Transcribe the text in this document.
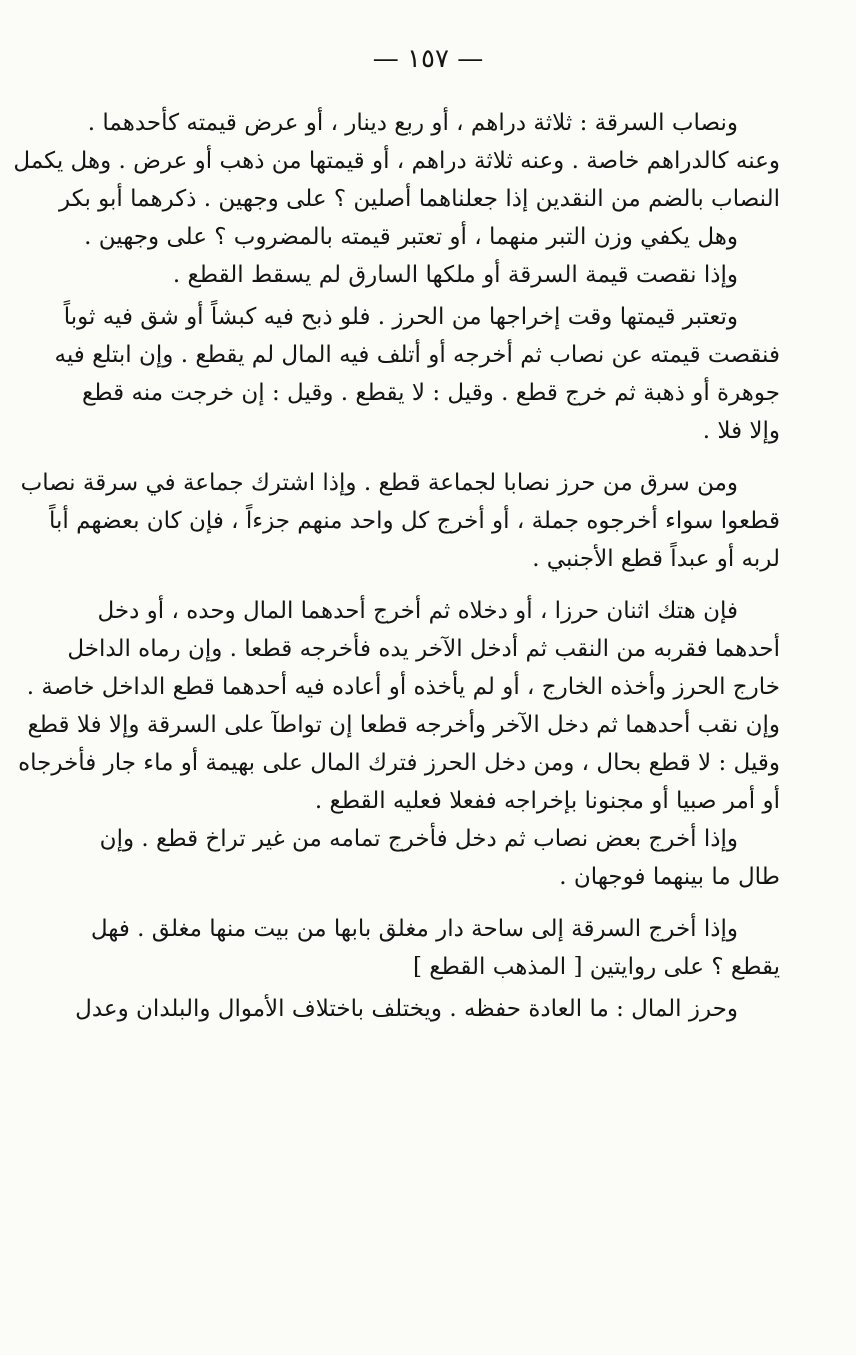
— ١٥٧ —
ونصاب السرقة : ثلاثة دراهم ، أو ربع دينار ، أو عرض قيمته كأحدهما .
وعنه كالدراهم خاصة . وعنه ثلاثة دراهم ، أو قيمتها من ذهب أو عرض . وهل يكمل
النصاب بالضم من النقدين إذا جعلناهما أصلين ؟ على وجهين . ذكرهما أبو بكر
وهل يكفي وزن التبر منهما ، أو تعتبر قيمته بالمضروب ؟ على وجهين .
وإذا نقصت قيمة السرقة أو ملكها السارق لم يسقط القطع .
وتعتبر قيمتها وقت إخراجها من الحرز . فلو ذبح فيه كبشاً أو شق فيه ثوباً
فنقصت قيمته عن نصاب ثم أخرجه أو أتلف فيه المال لم يقطع . وإن ابتلع فيه
جوهرة أو ذهبة ثم خرج قطع . وقيل : لا يقطع . وقيل : إن خرجت منه قطع
وإلا فلا .
ومن سرق من حرز نصابا لجماعة قطع . وإذا اشترك جماعة في سرقة نصاب
قطعوا سواء أخرجوه جملة ، أو أخرج كل واحد منهم جزءاً ، فإن كان بعضهم أباً
لربه أو عبداً قطع الأجنبي .
فإن هتك اثنان حرزا ، أو دخلاه ثم أخرج أحدهما المال وحده ، أو دخل
أحدهما فقربه من النقب ثم أدخل الآخر يده فأخرجه قطعا . وإن رماه الداخل
خارج الحرز وأخذه الخارج ، أو لم يأخذه أو أعاده فيه أحدهما قطع الداخل خاصة .
وإن نقب أحدهما ثم دخل الآخر وأخرجه قطعا إن تواطآ على السرقة وإلا فلا قطع
وقيل : لا قطع بحال ، ومن دخل الحرز فترك المال على بهيمة أو ماء جار فأخرجاه
أو أمر صبيا أو مجنونا بإخراجه ففعلا فعليه القطع .
وإذا أخرج بعض نصاب ثم دخل فأخرج تمامه من غير تراخ قطع . وإن
طال ما بينهما فوجهان .
وإذا أخرج السرقة إلى ساحة دار مغلق بابها من بيت منها مغلق . فهل
يقطع ؟ على روايتين [ المذهب القطع ]
وحرز المال : ما العادة حفظه . ويختلف باختلاف الأموال والبلدان وعدل
